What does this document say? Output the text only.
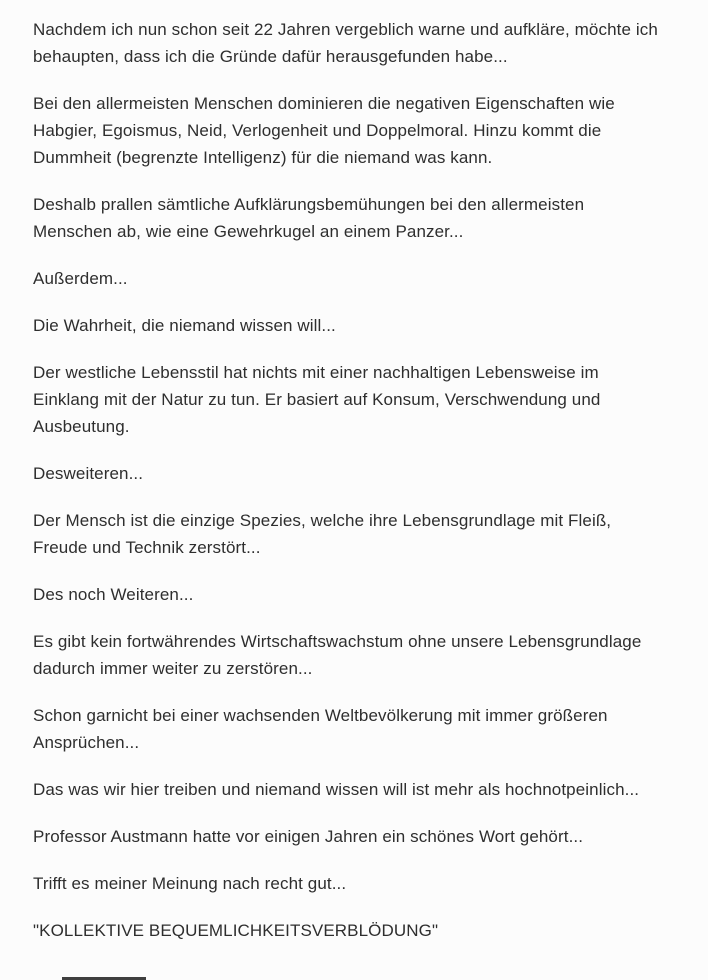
Nachdem ich nun schon seit 22 Jahren vergeblich warne und aufkläre, möchte ich
behaupten, dass ich die Gründe dafür herausgefunden habe...
Bei den allermeisten Menschen dominieren die negativen Eigenschaften wie
Habgier, Egoismus, Neid, Verlogenheit und Doppelmoral. Hinzu kommt die
Dummheit (begrenzte Intelligenz) für die niemand was kann.
Deshalb prallen sämtliche Aufklärungsbemühungen bei den allermeisten
Menschen ab, wie eine Gewehrkugel an einem Panzer...
Außerdem...
Die Wahrheit, die niemand wissen will...
Der westliche Lebensstil hat nichts mit einer nachhaltigen Lebensweise im
Einklang mit der Natur zu tun. Er basiert auf Konsum, Verschwendung und
Ausbeutung.
Desweiteren...
Der Mensch ist die einzige Spezies, welche ihre Lebensgrundlage mit Fleiß,
Freude und Technik zerstört...
Des noch Weiteren...
Es gibt kein fortwährendes Wirtschaftswachstum ohne unsere Lebensgrundlage
dadurch immer weiter zu zerstören...
Schon garnicht bei einer wachsenden Weltbevölkerung mit immer größeren
Ansprüchen...
Das was wir hier treiben und niemand wissen will ist mehr als hochnotpeinlich...
Professor Austmann hatte vor einigen Jahren ein schönes Wort gehört...
Trifft es meiner Meinung nach recht gut...
"KOLLEKTIVE BEQUEMLICHKEITSVERBLÖDUNG"
